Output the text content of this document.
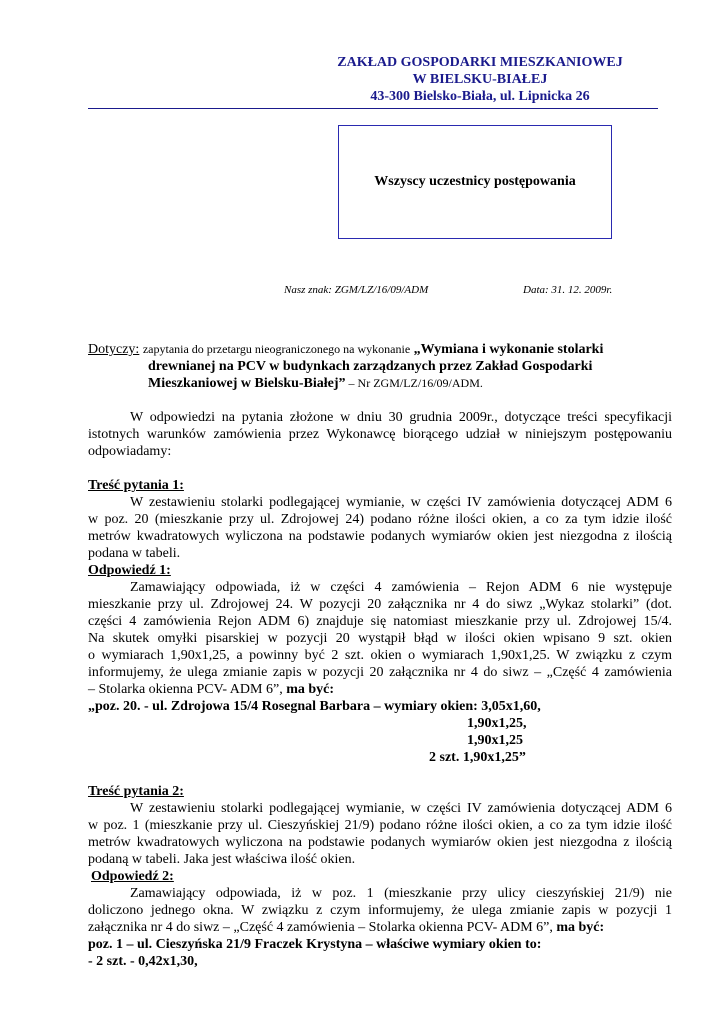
ZAKŁAD GOSPODARKI MIESZKANIOWEJ
W BIELSKU-BIAŁEJ
43-300 Bielsko-Biała, ul. Lipnicka 26
Wszyscy uczestnicy postępowania
Nasz znak: ZGM/LZ/16/09/ADM	Data: 31. 12. 2009r.
Dotyczy: zapytania do przetargu nieograniczonego na wykonanie „Wymiana i wykonanie stolarki
drewnianej na PCV w budynkach zarządzanych przez Zakład Gospodarki
Mieszkaniowej w Bielsku-Białej” – Nr ZGM/LZ/16/09/ADM.
W odpowiedzi na pytania złożone w dniu 30 grudnia 2009r., dotyczące treści specyfikacji
istotnych warunków zamówienia przez Wykonawcę biorącego udział w niniejszym postępowaniu
odpowiadamy:
Treść pytania 1:
W zestawieniu stolarki podlegającej wymianie, w części IV zamówienia dotyczącej ADM 6
w poz. 20 (mieszkanie przy ul. Zdrojowej 24) podano różne ilości okien, a co za tym idzie ilość
metrów kwadratowych wyliczona na podstawie podanych wymiarów okien jest niezgodna z ilością
podana w tabeli.
Odpowiedź 1:
Zamawiający odpowiada, iż w części 4 zamówienia – Rejon ADM 6 nie występuje
mieszkanie przy ul. Zdrojowej 24. W pozycji 20 załącznika nr 4 do siwz „Wykaz stolarki” (dot.
części 4 zamówienia Rejon ADM 6) znajduje się natomiast mieszkanie przy ul. Zdrojowej 15/4.
Na skutek omyłki pisarskiej w pozycji 20 wystąpił błąd w ilości okien wpisano 9 szt. okien
o wymiarach 1,90x1,25, a powinny być 2 szt. okien o wymiarach 1,90x1,25. W związku z czym
informujemy, że ulega zmianie zapis w pozycji 20 załącznika nr 4 do siwz – „Część 4 zamówienia
– Stolarka okienna PCV- ADM 6”, ma być:
„poz. 20. - ul. Zdrojowa 15/4 Rosegnal Barbara – wymiary okien: 3,05x1,60,
1,90x1,25,
1,90x1,25
2 szt. 1,90x1,25”
Treść pytania 2:
W zestawieniu stolarki podlegającej wymianie, w części IV zamówienia dotyczącej ADM 6
w poz. 1 (mieszkanie przy ul. Cieszyńskiej 21/9) podano różne ilości okien, a co za tym idzie ilość
metrów kwadratowych wyliczona na podstawie podanych wymiarów okien jest niezgodna z ilością
podaną w tabeli. Jaka jest właściwa ilość okien.
Odpowiedź 2:
Zamawiający odpowiada, iż w poz. 1 (mieszkanie przy ulicy cieszyńskiej 21/9) nie
doliczono jednego okna. W związku z czym informujemy, że ulega zmianie zapis w pozycji 1
załącznika nr 4 do siwz – „Część 4 zamówienia – Stolarka okienna PCV- ADM 6”, ma być:
poz. 1 – ul. Cieszyńska 21/9 Fraczek Krystyna – właściwe wymiary okien to:
- 2 szt. - 0,42x1,30,
